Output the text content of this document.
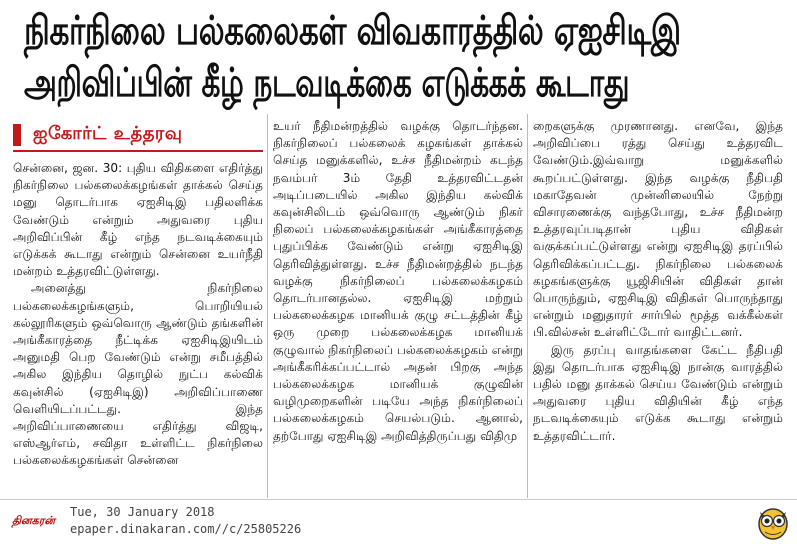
நிகர்நிலை பல்கலைகள் விவகாரத்தில் ஏஐசிடிஇ
அறிவிப்பின் கீழ் நடவடிக்கை எடுக்கக் கூடாது
ஐகோர்ட் உத்தரவு

சென்னை, ஜன. 30: புதிய விதிகளை எதிர்த்து நிகர்நிலை பல்கலைக்கழங்கள் தாக்கல் செய்த மனு தொடர்பாக ஏஐசிடிஇ பதிலளிக்க வேண்டும் என்றும் அதுவரை புதிய அறிவிப்பின் கீழ் எந்த நடவடிக்கையும் எடுக்கக் கூடாது என்றும் சென்னை உயர்நீதி மன்றம் உத்தரவிட்டுள்ளது.

அனைத்து நிகர்நிலை பல்கலைக்கழங்களும், பொறியியல் கல்லூரிகளும் ஒவ்வொரு ஆண்டும் தங்களின் அங்கீகாரத்தை நீட்டிக்க ஏஐசிடிஇயிடம் அனுமதி பெற வேண்டும் என்று சமீபத்தில் அகில இந்திய தொழில் நுட்ப கல்விக் கவுன்சில் (ஏஐசிடிஇ) அறிவிப்பாணை வெளியிடப்பட்டது. இந்த அறிவிப்பாணையை எதிர்த்து விஜடி, எஸ்ஆர்எம், சவிதா உள்ளிட்ட நிகர்நிலை பல்கலைக்கழகங்கள் சென்னை

உயர் நீதிமன்றத்தில் வழக்கு தொடர்ந்தன. நிகர்நிலைப் பல்கலைக் கழகங்கள் தாக்கல் செய்த மனுக்களில், உச்ச நீதிமன்றம் கடந்த நவம்பர் 3ம் தேதி உத்தரவிட்டதன் அடிப்படையில் அகில இந்திய கல்விக் கவுன்சிலிடம் ஒவ்வொரு ஆண்டும் நிகர் நிலைப் பல்கலைக்கழகங்கள் அங்கீகாரத்தை புதுப்பிக்க வேண்டும் என்று ஏஐசிடிஇ தெரிவித்துள்ளது. உச்ச நீதிமன்றத்தில் நடந்த வழக்கு நிகர்நிலைப் பல்கலைக்கழகம் தொடர்பானதல்ல. ஏஐசிடிஇ மற்றும் பல்கலைக்கழக மானியக் குழு சட்டத்தின் கீழ் ஒரு முறை பல்கலைக்கழக மானியக் குழுவால் நிகர்நிலைப் பல்கலைக்கழகம் என்று அங்கீகரிக்கப்பட்டால் அதன் பிறகு அந்த பல்கலைக்கழக மானியக் குழுவின் வழிமுறைகளின் படியே அந்த நிகர்நிலைப் பல்கலைக்கழகம் செயல்படும். ஆனால், தற்போது ஏஐசிடிஇ அறிவித்திருப்பது விதிமு

றைகளுக்கு முரணானது. எனவே, இந்த அறிவிப்பை ரத்து செய்து உத்தரவிட வேண்டும்.இவ்வாறு மனுக்களில் கூறப்பட்டுள்ளது. இந்த வழக்கு நீதிபதி மகாதேவன் முன்னிலையில் நேற்று விசாரணைக்கு வந்தபோது, உச்ச நீதிமன்ற உத்தரவுப்படிதான் புதிய விதிகள் வகுக்கப்பட்டுள்ளது என்று ஏஐசிடிஇ தரப்பில் தெரிவிக்கப்பட்டது. நிகர்நிலை பல்கலைக் கழகங்களுக்கு யூஜிசியின் விதிகள் தான் பொருந்தும், ஏஐசிடிஇ விதிகள் பொருந்தாது என்றும் மனுதாரர் சார்பில் மூத்த வக்கீல்கள் பி.வில்சன் உள்ளிட்டோர் வாதிட்டனர்.

இரு தரப்பு வாதங்களை கேட்ட நீதிபதி இது தொடர்பாக ஏஐசிடிஇ நான்கு வாரத்தில் பதில் மனு தாக்கல் செய்ய வேண்டும் என்றும் அதுவரை புதிய விதியின் கீழ் எந்த நடவடிக்கையும் எடுக்க கூடாது என்றும் உத்தரவிட்டார்.

தினகரன்
Tue, 30 January 2018
epaper.dinakaran.com//c/25805226
